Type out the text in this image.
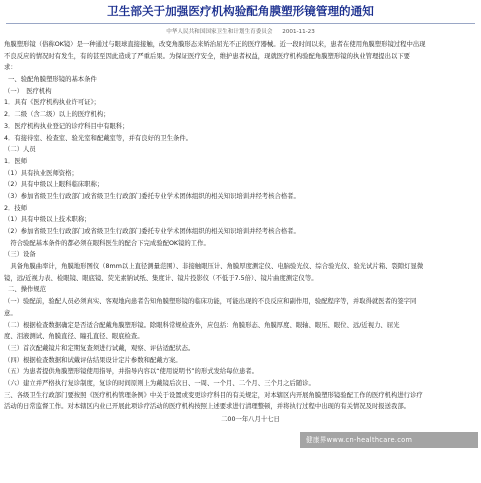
卫生部关于加强医疗机构验配角膜塑形镜管理的通知
中华人民共和国国家卫生和计划生育委员会 2001-11-23
角膜塑形镜（俗称OK镜）是一种通过与眼球直接接触，改变角膜形态来矫治屈光不正的医疗器械。近一段时间以来，患者在使用角膜塑形镜过程中出现
不良反应的情况时有发生，有的甚至因此造成了严重后果。为保证医疗安全，维护患者权益，现就医疗机构验配角膜塑形镜的执业管理提出以下要
求：
一、验配角膜塑形镜的基本条件
（一）　医疗机构
1．具有《医疗机构执业许可证》；
2．二级（含二级）以上的医疗机构；
3．医疗机构执业登记的诊疗科目中有眼科；
4．有接待室、检查室、验光室和配戴室等，并有良好的卫生条件。
（二）人员
1．医师
（1）具有执业医师资格；
（2）具有中级以上眼科临床职称；
（3）参加省级卫生行政部门或省级卫生行政部门委托专业学术团体组织的相关知识培训并经考核合格者。
2．技师
（1）具有中级以上技术职称；
（2）参加省级卫生行政部门或省级卫生行政部门委托专业学术团体组织的相关知识培训并经考核合格者。
　符合验配基本条件的都必须在眼科医生的配合下完成验配OK镜的工作。
（三）设备
　具备角膜曲率计，角膜地形图仪（8mm以上直径测量范围）、非接触眼压计、角膜厚度测定仪、电脑验光仪、综合验光仪、验光试片箱、裂隙灯显微
镜，远/近视力表、检眼镜、眼底镜、荧光素钠试纸、集度计、镜片投影仪（不低于7.5倍）、镜片曲度测定仪等。
二、操作规范
（一）验配前，验配人员必须真实、客观地向患者告知角膜塑形镜的临床功能，可能出现的不良反应和副作用，验配程序等，并取得就医者的签字同
意。
（二）根据检查数据确定是否适合配戴角膜塑形镜。除眼科常规检查外，应包括：角膜形态、角膜厚度、眼轴、眼压、眼位、远/近视力、屈光
度、泪液测试、角膜直径、瞳孔直径、眼底检查。
（三）首次配戴镜片和定期复查须进行试戴，观察、评估适配状态。
（四）根据检查数据和试戴评估结果设计定片参数和配戴方案。
（五）为患者提供角膜塑形镜使用指导，并指导内容以“使用说明书”的形式发给每位患者。
（六）建立并严格执行复诊制度，复诊的时间原则上为戴镜后次日、一周、一个月、二个月、三个月之后随诊。
三、各级卫生行政部门要按照《医疗机构管理条例》中关于设置或变更诊疗科目的有关规定，对本辖区内开展角膜塑形镜验配工作的医疗机构进行诊疗
活动的日常监督工作。对本辖区内业已开展此项诊疗活动的医疗机构按照上述要求进行清理整顿，并将执行过程中出现的有关情况及时报送我部。
二00一年八月十七日
健康界www.cn-healthcare.com
